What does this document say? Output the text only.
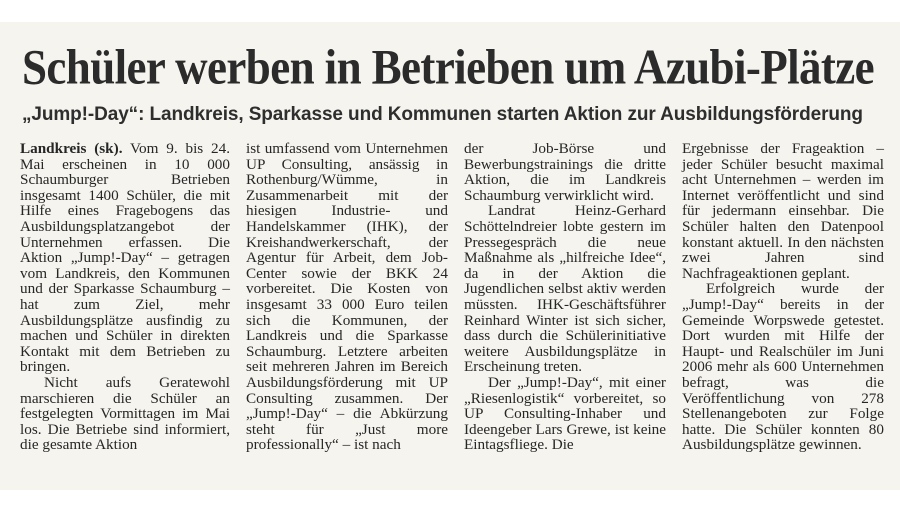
Schüler werben in Betrieben um Azubi-Plätze
„Jump!-Day“: Landkreis, Sparkasse und Kommunen starten Aktion zur Ausbildungsförderung

Landkreis (sk). Vom 9. bis 24. Mai erscheinen in 10 000 Schaumburger Betrieben insgesamt 1400 Schüler, die mit Hilfe eines Fragebogens das Ausbildungsplatzangebot der Unternehmen erfassen. Die Aktion „Jump!-Day“ – getragen vom Landkreis, den Kommunen und der Sparkasse Schaumburg – hat zum Ziel, mehr Ausbildungsplätze ausfindig zu machen und Schüler in direkten Kontakt mit dem Betrieben zu bringen.

Nicht aufs Geratewohl marschieren die Schüler an festgelegten Vormittagen im Mai los. Die Betriebe sind informiert, die gesamte Aktion

ist umfassend vom Unternehmen UP Consulting, ansässig in Rothenburg/Wümme, in Zusammenarbeit mit der hiesigen Industrie- und Handelskammer (IHK), der Kreishandwerkerschaft, der Agentur für Arbeit, dem Job-Center sowie der BKK 24 vorbereitet. Die Kosten von insgesamt 33 000 Euro teilen sich die Kommunen, der Landkreis und die Sparkasse Schaumburg. Letztere arbeiten seit mehreren Jahren im Bereich Ausbildungsförderung mit UP Consulting zusammen. Der „Jump!-Day“ – die Abkürzung steht für „Just more professionally“ – ist nach

der Job-Börse und Bewerbungstrainings die dritte Aktion, die im Landkreis Schaumburg verwirklicht wird.

Landrat Heinz-Gerhard Schöttelndreier lobte gestern im Pressegespräch die neue Maßnahme als „hilfreiche Idee“, da in der Aktion die Jugendlichen selbst aktiv werden müssten. IHK-Geschäftsführer Reinhard Winter ist sich sicher, dass durch die Schülerinitiative weitere Ausbildungsplätze in Erscheinung treten.

Der „Jump!-Day“, mit einer „Riesenlogistik“ vorbereitet, so UP Consulting-Inhaber und Ideengeber Lars Grewe, ist keine Eintagsfliege. Die

Ergebnisse der Frageaktion – jeder Schüler besucht maximal acht Unternehmen – werden im Internet veröffentlicht und sind für jedermann einsehbar. Die Schüler halten den Datenpool konstant aktuell. In den nächsten zwei Jahren sind Nachfrageaktionen geplant.

Erfolgreich wurde der „Jump!-Day“ bereits in der Gemeinde Worpswede getestet. Dort wurden mit Hilfe der Haupt- und Realschüler im Juni 2006 mehr als 600 Unternehmen befragt, was die Veröffentlichung von 278 Stellenangeboten zur Folge hatte. Die Schüler konnten 80 Ausbildungsplätze gewinnen.
